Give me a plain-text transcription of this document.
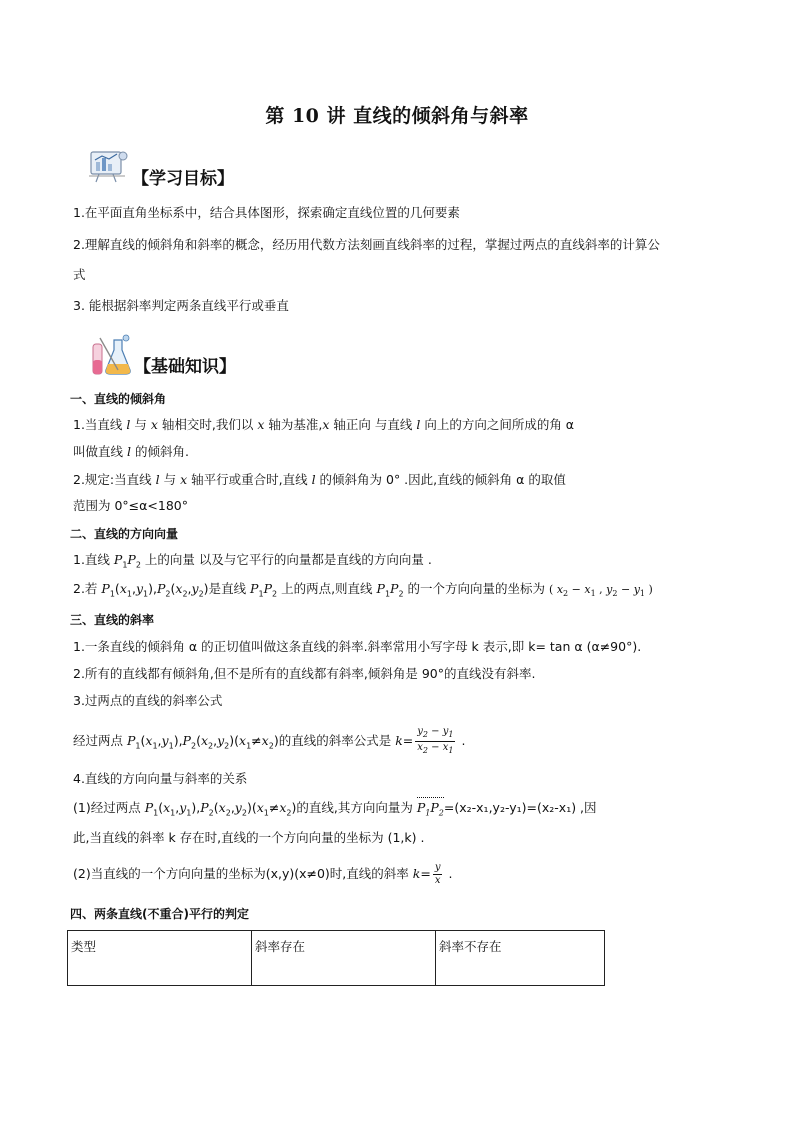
第 10 讲 直线的倾斜角与斜率
【学习目标】
1.在平面直角坐标系中，结合具体图形，探索确定直线位置的几何要素
2.理解直线的倾斜角和斜率的概念，经历用代数方法刻画直线斜率的过程，掌握过两点的直线斜率的计算公
式
3. 能根据斜率判定两条直线平行或垂直
【基础知识】
一、直线的倾斜角
1.当直线 l 与 x 轴相交时,我们以 x 轴为基准,x 轴正向 与直线 l 向上的方向之间所成的角 α
叫做直线 l 的倾斜角.
2.规定:当直线 l 与 x 轴平行或重合时,直线 l 的倾斜角为 0° .因此,直线的倾斜角 α 的取值
范围为 0°≤α<180°
二、直线的方向向量
1.直线 $P_1P_2$ 上的向量 以及与它平行的向量都是直线的方向向量 .
2.若 $P_1(x_1,y_1),P_2(x_2,y_2)$是直线 $P_1P_2$ 上的两点,则直线 $P_1P_2$ 的一个方向向量的坐标为 ( $x_2 - x_1$ , $y_2 - y_1$ )
三、直线的斜率
1.一条直线的倾斜角 α 的正切值叫做这条直线的斜率.斜率常用小写字母 k 表示,即 k= tan α (α≠90°).
2.所有的直线都有倾斜角,但不是所有的直线都有斜率,倾斜角是 90°的直线没有斜率.
3.过两点的直线的斜率公式
经过两点 $P_1(x_1,y_1),P_2(x_2,y_2)(x_1\ne x_2)$的直线的斜率公式是 $k= \frac{y_2 - y_1}{x_2 - x_1}$ .
4.直线的方向向量与斜率的关系
(1)经过两点 $P_1(x_1,y_1),P_2(x_2,y_2)(x_1\ne x_2)$的直线,其方向向量为 $P_1P_2=(x_2-x_1,y_2-y_1)=(x_2-x_1)$ ,因
此,当直线的斜率 k 存在时,直线的一个方向向量的坐标为 (1,k) .
(2)当直线的一个方向向量的坐标为(x,y)(x≠0)时,直线的斜率 $k= \frac{y}{x}$ .
四、两条直线(不重合)平行的判定
类型	斜率存在	斜率不存在
